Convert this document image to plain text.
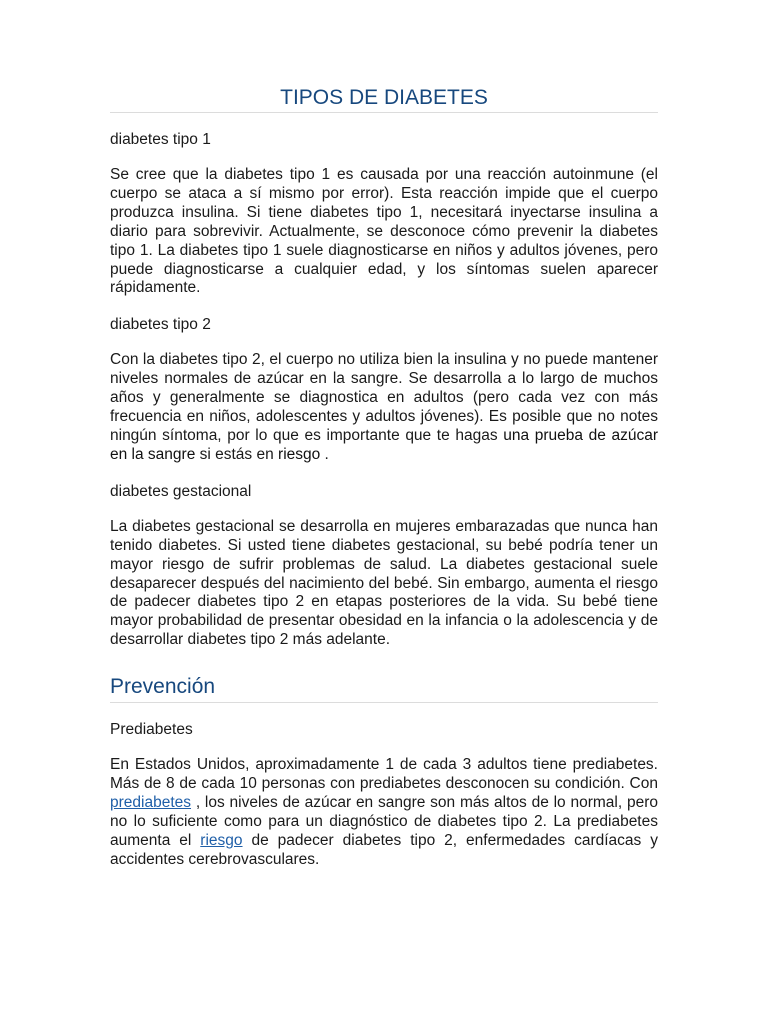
TIPOS DE DIABETES

diabetes tipo 1

Se cree que la diabetes tipo 1 es causada por una reacción autoinmune (el cuerpo se ataca a sí mismo por error). Esta reacción impide que el cuerpo produzca insulina. Si tiene diabetes tipo 1, necesitará inyectarse insulina a diario para sobrevivir. Actualmente, se desconoce cómo prevenir la diabetes tipo 1. La diabetes tipo 1 suele diagnosticarse en niños y adultos jóvenes, pero puede diagnosticarse a cualquier edad, y los síntomas suelen aparecer rápidamente.

diabetes tipo 2

Con la diabetes tipo 2, el cuerpo no utiliza bien la insulina y no puede mantener niveles normales de azúcar en la sangre. Se desarrolla a lo largo de muchos años y generalmente se diagnostica en adultos (pero cada vez con más frecuencia en niños, adolescentes y adultos jóvenes). Es posible que no notes ningún síntoma, por lo que es importante que te hagas una prueba de azúcar en la sangre si estás en riesgo .

diabetes gestacional

La diabetes gestacional se desarrolla en mujeres embarazadas que nunca han tenido diabetes. Si usted tiene diabetes gestacional, su bebé podría tener un mayor riesgo de sufrir problemas de salud. La diabetes gestacional suele desaparecer después del nacimiento del bebé. Sin embargo, aumenta el riesgo de padecer diabetes tipo 2 en etapas posteriores de la vida. Su bebé tiene mayor probabilidad de presentar obesidad en la infancia o la adolescencia y de desarrollar diabetes tipo 2 más adelante.

Prevención

Prediabetes

En Estados Unidos, aproximadamente 1 de cada 3 adultos tiene prediabetes. Más de 8 de cada 10 personas con prediabetes desconocen su condición. Con prediabetes , los niveles de azúcar en sangre son más altos de lo normal, pero no lo suficiente como para un diagnóstico de diabetes tipo 2. La prediabetes aumenta el riesgo de padecer diabetes tipo 2, enfermedades cardíacas y accidentes cerebrovasculares.
